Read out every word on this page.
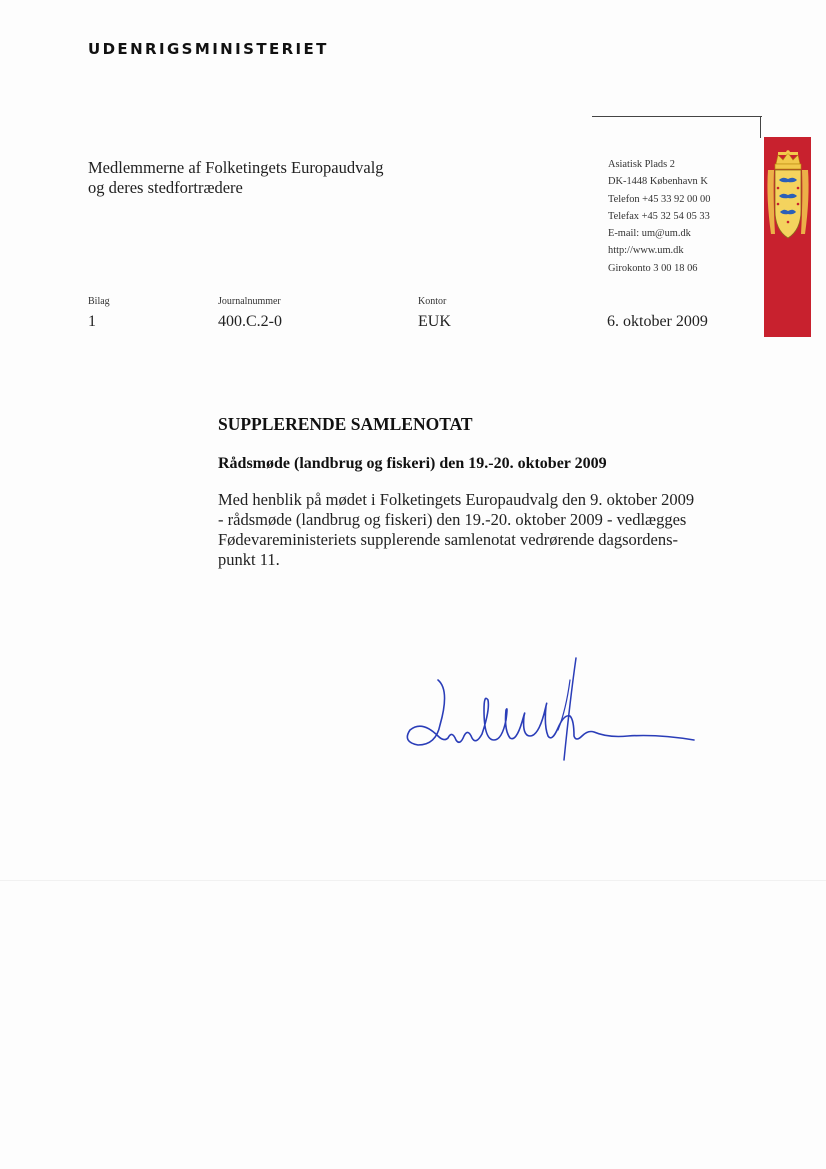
UDENRIGSMINISTERIET
Medlemmerne af Folketingets Europaudvalg
og deres stedfortrædere
Asiatisk Plads 2
DK-1448 København K
Telefon +45 33 92 00 00
Telefax +45 32 54 05 33
E-mail: um@um.dk
http://www.um.dk
Girokonto 3 00 18 06
Bilag
1
Journalnummer
400.C.2-0
Kontor
EUK	6. oktober 2009
SUPPLERENDE SAMLENOTAT
Rådsmøde (landbrug og fiskeri) den 19.-20. oktober 2009
Med henblik på mødet i Folketingets Europaudvalg den 9. oktober 2009
- rådsmøde (landbrug og fiskeri) den 19.-20. oktober 2009 - vedlægges
Fødevareministeriets supplerende samlenotat vedrørende dagsordens-
punkt 11.
